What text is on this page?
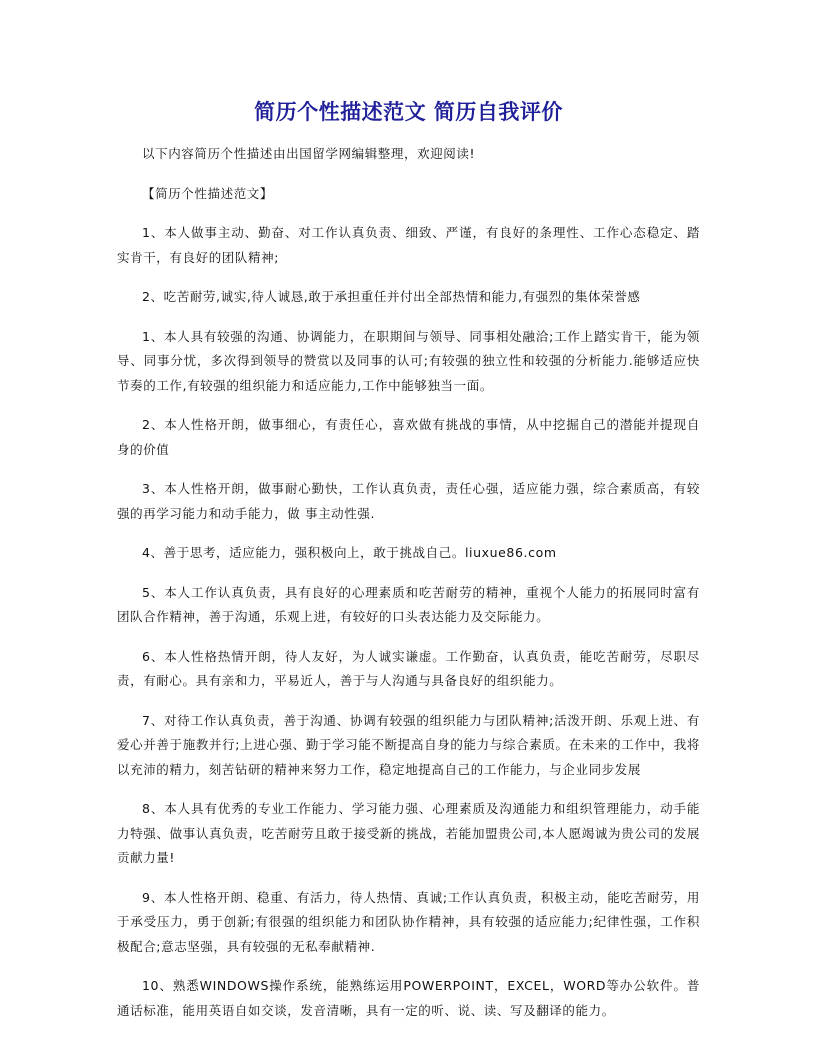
简历个性描述范文 简历自我评价

以下内容简历个性描述由出国留学网编辑整理，欢迎阅读!

【简历个性描述范文】

1、本人做事主动、勤奋、对工作认真负责、细致、严谨，有良好的条理性、工作心态稳定、踏实肯干，有良好的团队精神;

2、吃苦耐劳,诚实,待人诚恳,敢于承担重任并付出全部热情和能力,有强烈的集体荣誉感

1、本人具有较强的沟通、协调能力，在职期间与领导、同事相处融洽;工作上踏实肯干，能为领导、同事分忧，多次得到领导的赞赏以及同事的认可;有较强的独立性和较强的分析能力.能够适应快节奏的工作,有较强的组织能力和适应能力,工作中能够独当一面。

2、本人性格开朗，做事细心，有责任心，喜欢做有挑战的事情，从中挖掘自己的潜能并提现自身的价值

3、本人性格开朗，做事耐心勤快，工作认真负责，责任心强，适应能力强，综合素质高，有较强的再学习能力和动手能力，做 事主动性强.

4、善于思考，适应能力，强积极向上，敢于挑战自己。liuxue86.com

5、本人工作认真负责，具有良好的心理素质和吃苦耐劳的精神，重视个人能力的拓展同时富有团队合作精神，善于沟通，乐观上进，有较好的口头表达能力及交际能力。

6、本人性格热情开朗，待人友好，为人诚实谦虚。工作勤奋，认真负责，能吃苦耐劳，尽职尽责，有耐心。具有亲和力，平易近人，善于与人沟通与具备良好的组织能力。

7、对待工作认真负责，善于沟通、协调有较强的组织能力与团队精神;活泼开朗、乐观上进、有爱心并善于施教并行;上进心强、勤于学习能不断提高自身的能力与综合素质。在未来的工作中，我将以充沛的精力，刻苦钻研的精神来努力工作，稳定地提高自己的工作能力，与企业同步发展

8、本人具有优秀的专业工作能力、学习能力强、心理素质及沟通能力和组织管理能力，动手能力特强、做事认真负责，吃苦耐劳且敢于接受新的挑战，若能加盟贵公司,本人愿竭诚为贵公司的发展贡献力量!

9、本人性格开朗、稳重、有活力，待人热情、真诚;工作认真负责，积极主动，能吃苦耐劳，用于承受压力，勇于创新;有很强的组织能力和团队协作精神，具有较强的适应能力;纪律性强，工作积极配合;意志坚强，具有较强的无私奉献精神.

10、熟悉WINDOWS操作系统，能熟练运用POWERPOINT，EXCEL，WORD等办公软件。普通话标准，能用英语自如交谈，发音清晰，具有一定的听、说、读、写及翻译的能力。
